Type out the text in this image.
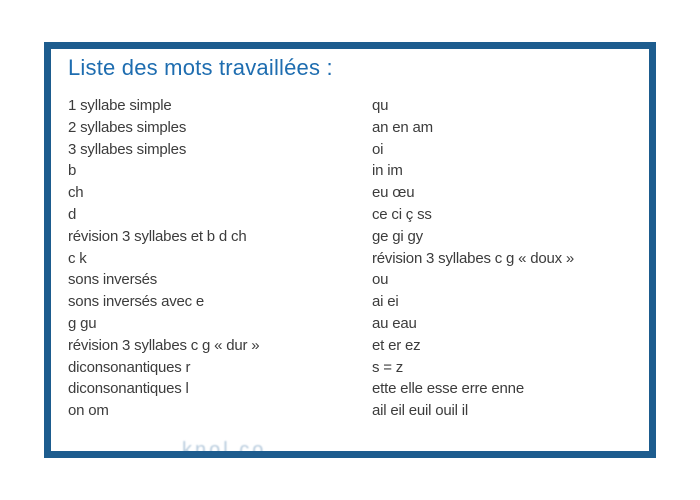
Liste des mots travaillées :
1 syllabe simple
2 syllabes simples
3 syllabes simples
b
ch
d
révision 3 syllabes et b d ch
c k
sons inversés
sons inversés avec e
g gu
révision 3 syllabes c g « dur »
diconsonantiques r
diconsonantiques l
on om
qu
an en am
oi
in im
eu œu
ce ci ç ss
ge gi gy
révision 3 syllabes c g « doux »
ou
ai ei
au eau
et er ez
s = z
ette elle esse erre enne
ail eil euil ouil il
knol co
